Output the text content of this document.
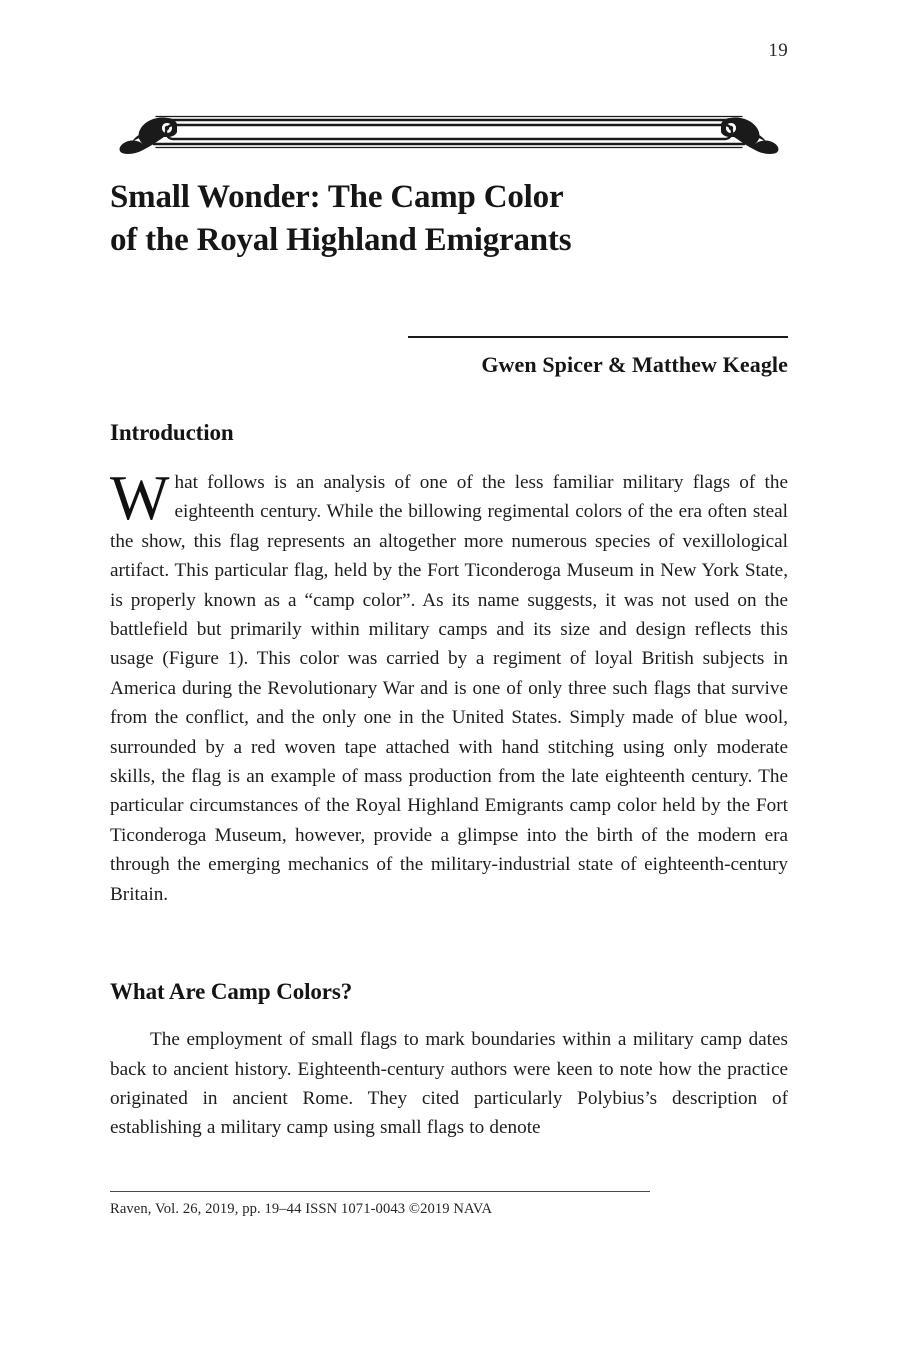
19
Small Wonder: The Camp Color
of the Royal Highland Emigrants
Gwen Spicer & Matthew Keagle
Introduction

What follows is an analysis of one of the less familiar military flags of the eighteenth century. While the billowing regimental colors of the era often steal the show, this flag represents an altogether more numerous species of vexillological artifact. This particular flag, held by the Fort Ticonderoga Museum in New York State, is properly known as a “camp color”. As its name suggests, it was not used on the battlefield but primarily within military camps and its size and design reflects this usage (Figure 1). This color was carried by a regiment of loyal British subjects in America during the Revolutionary War and is one of only three such flags that survive from the conflict, and the only one in the United States. Simply made of blue wool, surrounded by a red woven tape attached with hand stitching using only moderate skills, the flag is an example of mass production from the late eighteenth century. The particular circumstances of the Royal Highland Emigrants camp color held by the Fort Ticonderoga Museum, however, provide a glimpse into the birth of the modern era through the emerging mechanics of the military-industrial state of eighteenth-century Britain.

What Are Camp Colors?

The employment of small flags to mark boundaries within a military camp dates back to ancient history. Eighteenth-century authors were keen to note how the practice originated in ancient Rome. They cited particularly Polybius’s description of establishing a military camp using small flags to denote

Raven, Vol. 26, 2019, pp. 19–44 ISSN 1071-0043 ©2019 NAVA
